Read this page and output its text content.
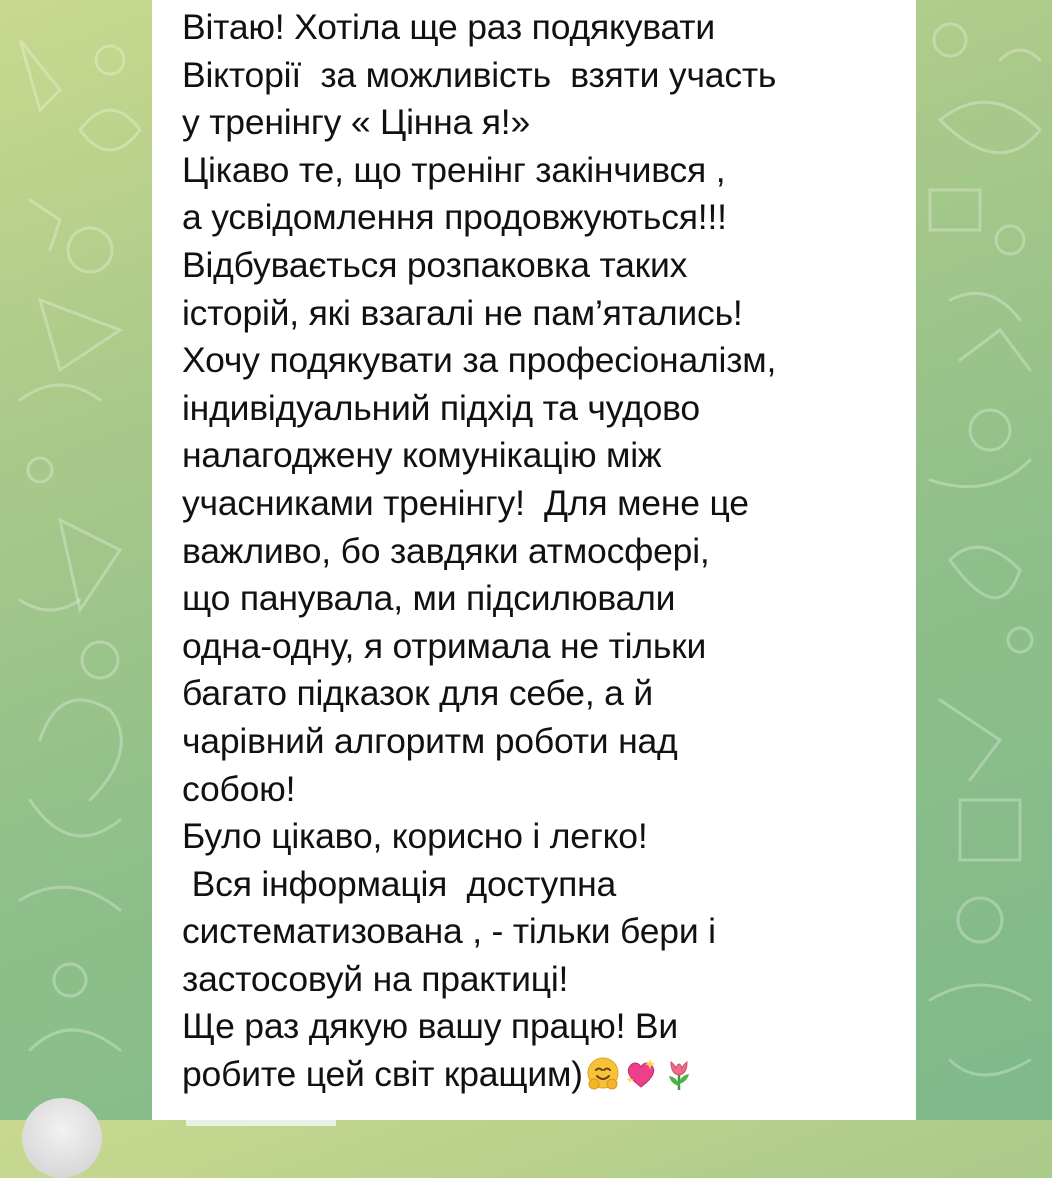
Вітаю! Хотіла ще раз подякувати
Вікторії  за можливість  взяти участь
у тренінгу « Цінна я!»
Цікаво те, що тренінг закінчився ,
а усвідомлення продовжуються!!!
Відбувається розпаковка таких
історій, які взагалі не пам’ятались!
Хочу подякувати за професіоналізм,
індивідуальний підхід та чудово
налагоджену комунікацію між
учасниками тренінгу!  Для мене це
важливо, бо завдяки атмосфері,
що панувала, ми підсилювали
одна-одну, я отримала не тільки
багато підказок для себе, а й
чарівний алгоритм роботи над
собою!
Було цікаво, корисно і легко!
Вся інформація  доступна
систематизована , - тільки бери і
застосовуй на практиці!
Ще раз дякую вашу працю! Ви
робите цей світ кращим)
